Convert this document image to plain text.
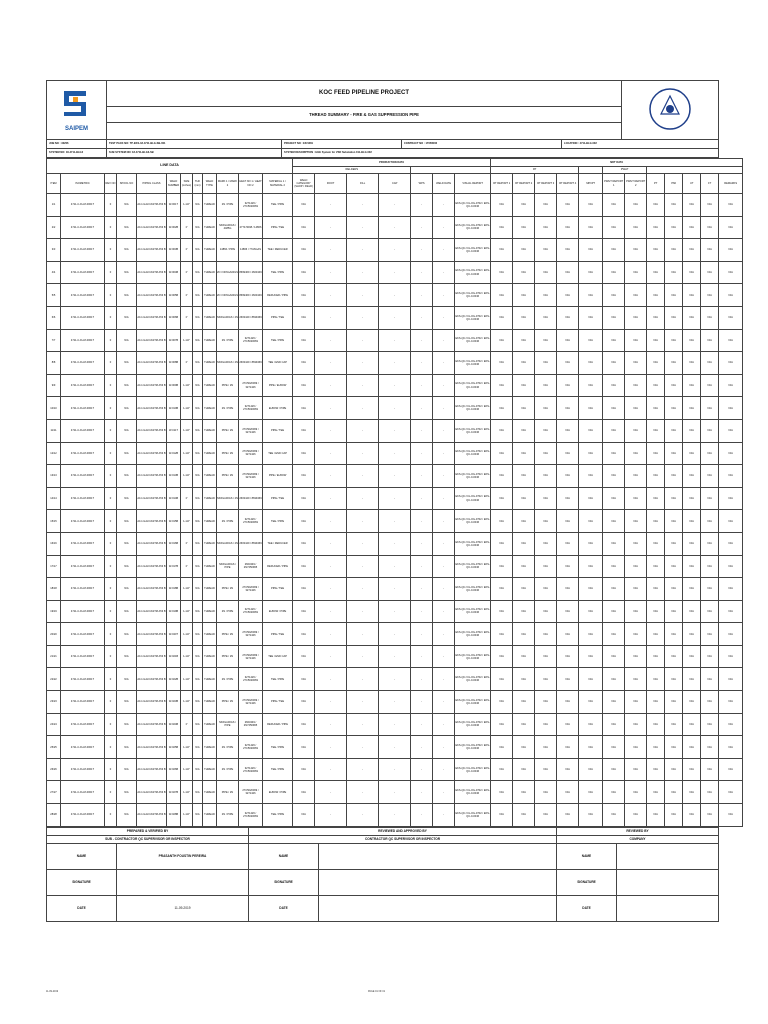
SAIPEM	KOC FEED PIPELINE PROJECT	
	THREAD SUMMARY - FIRE & GAS SUPPRESSION PIPE				

JOB NO : 32206	TEST PACK NO: TP-EKS-18-4711-BLG-SB-001	PROJECT NO : EF/1681	CONTRACT NO : 17058006	LOCATION : 4711-BLG-002	
SYSTEM NO: 18-4711-BLG3	SUB SYSTEM NO: 18-4711-BLG3-SB	SYSTEM DESCRIPTION : HGE System for VSD Substation 011-BLG-002			
LINE DATA												PRODUCTION DATA							NDT DATA											
												WELDERS							RT					PWHT						
ITEM	ISOMETRIC	REV NO	SPOOL NO	PIPING CLASS	WELD NUMBER	SIZE (inches)	THK (mm)	WELD TYPE	MARK 1 / MARK 2	HEAT NO 1 / HEAT NO 2	MATERIAL 1 / MATERIAL 2	WELD CATEGORY (SHOP / FIELD)	ROOT	FILL	CAP	WPS	WELD DATE	VISUAL REPORT	RT REPORT 1	RT REPORT 2	RT REPORT 3	RT REPORT 4	MPI/PT	PWHT REPORT 1	PWHT REPORT 2	PT	PMI	UT	FT	REMARKS
1/1	4711-C-FH-8-0001T	0	N/A	A1C-GALV/ASTM A53 B	W-001T	1-1/2"	N/A	THREAD	2N / PIPE	3271426 / 27C5020069	TEE / PIPE	N/A	-	-	-	-	-	EKS-QC-VI-LOG-0702 / EKS-QC-0-0046	N/A	N/A	N/A	N/A	N/A	N/A	N/A	N/A	N/A	N/A	N/A	N/A
2/2	4711-C-FH-8-0001T	0	N/A	A1C-GALV/ASTM A53 B	W-002B	1"	N/A	THREAD	NK6GA00GS / 4485G	2773-5098 / 14866	PIPE / TEE	N/A	-	-	-	-	-	EKS-QC-VI-LOG-0702 / EKS-QC-0-0046	N/A	N/A	N/A	N/A	N/A	N/A	N/A	N/A	N/A	N/A	N/A	N/A
3/3	4711-C-FH-8-0001T	0	N/A	A1C-GALV/ASTM A53 B	W-003B	1"	N/A	THREAD	14866 / PIPE	14866 / 77A6GAS	TEE / REDUCER	N/A	-	-	-	-	-	EKS-QC-VI-LOG-0702 / EKS-QC-0-0046	N/A	N/A	N/A	N/A	N/A	N/A	N/A	N/A	N/A	N/A	N/A	N/A
4/4	4711-C-FH-8-0001T	0	N/A	A1C-GALV/ASTM A53 B	W-004B	1"	N/A	THREAD	2N / NK6GA00GS	8699469 / 2603449	TEE / PIPE	N/A	-	-	-	-	-	EKS-QC-VI-LOG-0702 / EKS-QC-0-0046	N/A	N/A	N/A	N/A	N/A	N/A	N/A	N/A	N/A	N/A	N/A	N/A
5/5	4711-C-FH-8-0001T	0	N/A	A1C-GALV/ASTM A53 B	W-005B	1"	N/A	THREAD	2N / NK6GA00GS	8699469 / 2603449	REDUCER / PIPE	N/A	-	-	-	-	-	EKS-QC-VI-LOG-0702 / EKS-QC-0-0046	N/A	N/A	N/A	N/A	N/A	N/A	N/A	N/A	N/A	N/A	N/A	N/A
6/6	4711-C-FH-8-0001T	0	N/A	A1C-GALV/ASTM A53 B	W-006B	1"	N/A	THREAD	NK6GA00GS / 2N	2603449 / 8699469	PIPE / TEE	N/A	-	-	-	-	-	EKS-QC-VI-LOG-0702 / EKS-QC-0-0046	N/A	N/A	N/A	N/A	N/A	N/A	N/A	N/A	N/A	N/A	N/A	N/A
7/7	4711-C-FH-8-0001T	0	N/A	A1C-GALV/ASTM A53 B	W-007B	1-1/2"	N/A	THREAD	2N / PIPE	3271426 / 27C5020069	TEE / PIPE	N/A	-	-	-	-	-	EKS-QC-VI-LOG-0702 / EKS-QC-0-0046	N/A	N/A	N/A	N/A	N/A	N/A	N/A	N/A	N/A	N/A	N/A	N/A
8/8	4711-C-FH-8-0001T	0	N/A	A1C-GALV/ASTM A53 B	W-008B	1"	N/A	THREAD	NK6GA00GS / 2N	2603449 / 8699469	TEE / END CAP	N/A	-	-	-	-	-	EKS-QC-VI-LOG-0702 / EKS-QC-0-0046	N/A	N/A	N/A	N/A	N/A	N/A	N/A	N/A	N/A	N/A	N/A	N/A
9/9	4711-C-FH-8-0001T	0	N/A	A1C-GALV/ASTM A53 B	W-009B	1-1/2"	N/A	THREAD	PIPE / 2N	27C5020069 / 3271426	PIPE / ELBOW	N/A	-	-	-	-	-	EKS-QC-VI-LOG-0702 / EKS-QC-0-0046	N/A	N/A	N/A	N/A	N/A	N/A	N/A	N/A	N/A	N/A	N/A	N/A
10/10	4711-C-FH-8-0001T	0	N/A	A1C-GALV/ASTM A53 B	W-010B	1-1/2"	N/A	THREAD	2N / PIPE	3271426 / 27C5020069	ELBOW / PIPE	N/A	-	-	-	-	-	EKS-QC-VI-LOG-0702 / EKS-QC-0-0046	N/A	N/A	N/A	N/A	N/A	N/A	N/A	N/A	N/A	N/A	N/A	N/A
11/11	4711-C-FH-8-0001T	0	N/A	A1C-GALV/ASTM A53 B	W-011T	1-1/2"	N/A	THREAD	PIPE / 2N	27C5020069 / 3271426	PIPE / TEE	N/A	-	-	-	-	-	EKS-QC-VI-LOG-0702 / EKS-QC-0-0046	N/A	N/A	N/A	N/A	N/A	N/A	N/A	N/A	N/A	N/A	N/A	N/A
12/12	4711-C-FH-8-0001T	0	N/A	A1C-GALV/ASTM A53 B	W-012B	1-1/2"	N/A	THREAD	PIPE / 2N	27C5020069 / 3271426	TEE / END CAP	N/A	-	-	-	-	-	EKS-QC-VI-LOG-0702 / EKS-QC-0-0046	N/A	N/A	N/A	N/A	N/A	N/A	N/A	N/A	N/A	N/A	N/A	N/A
13/13	4711-C-FH-8-0001T	0	N/A	A1C-GALV/ASTM A53 B	W-013B	1-1/2"	N/A	THREAD	PIPE / 2N	27C5020069 / 3271426	PIPE / ELBOW	N/A	-	-	-	-	-	EKS-QC-VI-LOG-0702 / EKS-QC-0-0046	N/A	N/A	N/A	N/A	N/A	N/A	N/A	N/A	N/A	N/A	N/A	N/A
14/14	4711-C-FH-8-0001T	0	N/A	A1C-GALV/ASTM A53 B	W-014B	1"	N/A	THREAD	NK6GA00GS / 2N	2603449 / 8699469	PIPE / TEE	N/A	-	-	-	-	-	EKS-QC-VI-LOG-0702 / EKS-QC-0-0046	N/A	N/A	N/A	N/A	N/A	N/A	N/A	N/A	N/A	N/A	N/A	N/A
15/15	4711-C-FH-8-0001T	0	N/A	A1C-GALV/ASTM A53 B	W-015B	1-1/2"	N/A	THREAD	2N / PIPE	3271426 / 27C5020069	TEE / PIPE	N/A	-	-	-	-	-	EKS-QC-VI-LOG-0702 / EKS-QC-0-0046	N/A	N/A	N/A	N/A	N/A	N/A	N/A	N/A	N/A	N/A	N/A	N/A
16/16	4711-C-FH-8-0001T	0	N/A	A1C-GALV/ASTM A53 B	W-016B	1"	N/A	THREAD	NK6GA00GS / 2N	2603449 / 8699469	TEE / REDUCER	N/A	-	-	-	-	-	EKS-QC-VI-LOG-0702 / EKS-QC-0-0046	N/A	N/A	N/A	N/A	N/A	N/A	N/A	N/A	N/A	N/A	N/A	N/A
17/17	4711-C-FH-8-0001T	0	N/A	A1C-GALV/ASTM A53 B	W-017B	1"	N/A	THREAD	NK6GA00GS / PIPE	2603449 / 2N7450995	REDUCER / PIPE	N/A	-	-	-	-	-	EKS-QC-VI-LOG-0702 / EKS-QC-0-0046	N/A	N/A	N/A	N/A	N/A	N/A	N/A	N/A	N/A	N/A	N/A	N/A
18/18	4711-C-FH-8-0001T	0	N/A	A1C-GALV/ASTM A53 B	W-018B	1-1/2"	N/A	THREAD	PIPE / 2N	27C5020069 / 3271426	PIPE / TEE	N/A	-	-	-	-	-	EKS-QC-VI-LOG-0702 / EKS-QC-0-0046	N/A	N/A	N/A	N/A	N/A	N/A	N/A	N/A	N/A	N/A	N/A	N/A
19/19	4711-C-FH-8-0001T	0	N/A	A1C-GALV/ASTM A53 B	W-019B	1-1/2"	N/A	THREAD	2N / PIPE	3271426 / 27C5020069	ELBOW / PIPE	N/A	-	-	-	-	-	EKS-QC-VI-LOG-0702 / EKS-QC-0-0046	N/A	N/A	N/A	N/A	N/A	N/A	N/A	N/A	N/A	N/A	N/A	N/A
20/20	4711-C-FH-8-0001T	0	N/A	A1C-GALV/ASTM A53 B	W-020T	1-1/2"	N/A	THREAD	PIPE / 2N	27C5020069 / 3271426	PIPE / TEE	N/A	-	-	-	-	-	EKS-QC-VI-LOG-0702 / EKS-QC-0-0046	N/A	N/A	N/A	N/A	N/A	N/A	N/A	N/A	N/A	N/A	N/A	N/A
21/21	4711-C-FH-8-0001T	0	N/A	A1C-GALV/ASTM A53 B	W-021B	1-1/2"	N/A	THREAD	PIPE / 2N	27C5020069 / 3271426	TEE / END CAP	N/A	-	-	-	-	-	EKS-QC-VI-LOG-0702 / EKS-QC-0-0046	N/A	N/A	N/A	N/A	N/A	N/A	N/A	N/A	N/A	N/A	N/A	N/A
22/22	4711-C-FH-8-0001T	0	N/A	A1C-GALV/ASTM A53 B	W-022B	1-1/2"	N/A	THREAD	2N / PIPE	3271426 / 27C5020069	TEE / PIPE	N/A	-	-	-	-	-	EKS-QC-VI-LOG-0702 / EKS-QC-0-0046	N/A	N/A	N/A	N/A	N/A	N/A	N/A	N/A	N/A	N/A	N/A	N/A
23/23	4711-C-FH-8-0001T	0	N/A	A1C-GALV/ASTM A53 B	W-023B	1-1/2"	N/A	THREAD	PIPE / 2N	27C5020069 / 3271426	PIPE / TEE	N/A	-	-	-	-	-	EKS-QC-VI-LOG-0702 / EKS-QC-0-0046	N/A	N/A	N/A	N/A	N/A	N/A	N/A	N/A	N/A	N/A	N/A	N/A
24/24	4711-C-FH-8-0001T	0	N/A	A1C-GALV/ASTM A53 B	W-024B	1"	N/A	THREAD	NK6GA00GS / PIPE	2603449 / 2N7450995	REDUCER / PIPE	N/A	-	-	-	-	-	EKS-QC-VI-LOG-0702 / EKS-QC-0-0046	N/A	N/A	N/A	N/A	N/A	N/A	N/A	N/A	N/A	N/A	N/A	N/A
25/25	4711-C-FH-8-0001T	0	N/A	A1C-GALV/ASTM A53 B	W-025B	1-1/2"	N/A	THREAD	2N / PIPE	3271426 / 27C5020069	TEE / PIPE	N/A	-	-	-	-	-	EKS-QC-VI-LOG-0702 / EKS-QC-0-0046	N/A	N/A	N/A	N/A	N/A	N/A	N/A	N/A	N/A	N/A	N/A	N/A
26/26	4711-C-FH-8-0001T	0	N/A	A1C-GALV/ASTM A53 B	W-026B	1-1/2"	N/A	THREAD	2N / PIPE	3271426 / 27C5020069	TEE / PIPE	N/A	-	-	-	-	-	EKS-QC-VI-LOG-0702 / EKS-QC-0-0046	N/A	N/A	N/A	N/A	N/A	N/A	N/A	N/A	N/A	N/A	N/A	N/A
27/27	4711-C-FH-8-0001T	0	N/A	A1C-GALV/ASTM A53 B	W-027B	1-1/2"	N/A	THREAD	PIPE / 2N	27C5020069 / 3271426	ELBOW / PIPE	N/A	-	-	-	-	-	EKS-QC-VI-LOG-0702 / EKS-QC-0-0046	N/A	N/A	N/A	N/A	N/A	N/A	N/A	N/A	N/A	N/A	N/A	N/A
28/28	4711-C-FH-8-0001T	0	N/A	A1C-GALV/ASTM A53 B	W-028B	1-1/2"	N/A	THREAD	2N / PIPE	3271426 / 27C5020069	TEE / PIPE	N/A	-	-	-	-	-	EKS-QC-VI-LOG-0702 / EKS-QC-0-0046	N/A	N/A	N/A	N/A	N/A	N/A	N/A	N/A	N/A	N/A	N/A	N/A
PREPARED & VERIFIED BY		REVIEWED AND APPROVED BY		REVIEWED BY	
SUB - CONTRACTOR QC SUPERVISOR OR INSPECTOR		CONTRACTOR QC SUPERVISOR OR INSPECTOR		COMPANY	
NAME	PRASANTH FOUSTIN PEREIRA	NAME		NAME	
SIGNATURE		SIGNATURE		SIGNATURE	
DATE	11-09-2019	DATE		DATE	
11-09-2019	PAGE 01 OF 01
